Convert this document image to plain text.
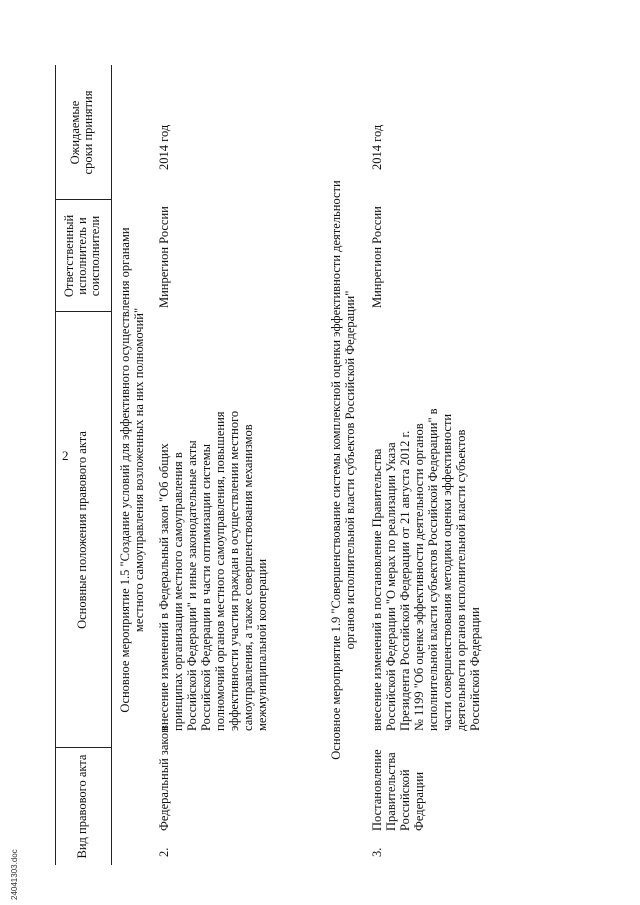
2
24041303.doc
Вид правового акта
Основные положения правового акта
Ответственный исполнитель и соисполнители
Ожидаемые сроки принятия
Основное мероприятие 1.5 "Создание условий для эффективного осуществления органами местного самоуправления возложенных на них полномочий"
2.
Федеральный закон
внесение изменений в Федеральный закон "Об общих принципах организации местного самоуправления в Российской Федерации" и иные законодательные акты Российской Федерации в части оптимизации системы полномочий органов местного самоуправления, повышения эффективности участия граждан в осуществлении местного самоуправления, а также совершенствования механизмов межмуниципальной кооперации
Минрегион России
2014 год
Основное мероприятие 1.9 "Совершенствование системы комплексной оценки эффективности деятельности органов исполнительной власти субъектов Российской Федерации"
3.
Постановление Правительства Российской Федерации
внесение изменений в постановление Правительства Российской Федерации "О мерах по реализации Указа Президента Российской Федерации от 21 августа 2012 г. № 1199 "Об оценке эффективности деятельности органов исполнительной власти субъектов Российской Федерации" в части совершенствования методики оценки эффективности деятельности органов исполнительной власти субъектов Российской Федерации
Минрегион России
2014 год
